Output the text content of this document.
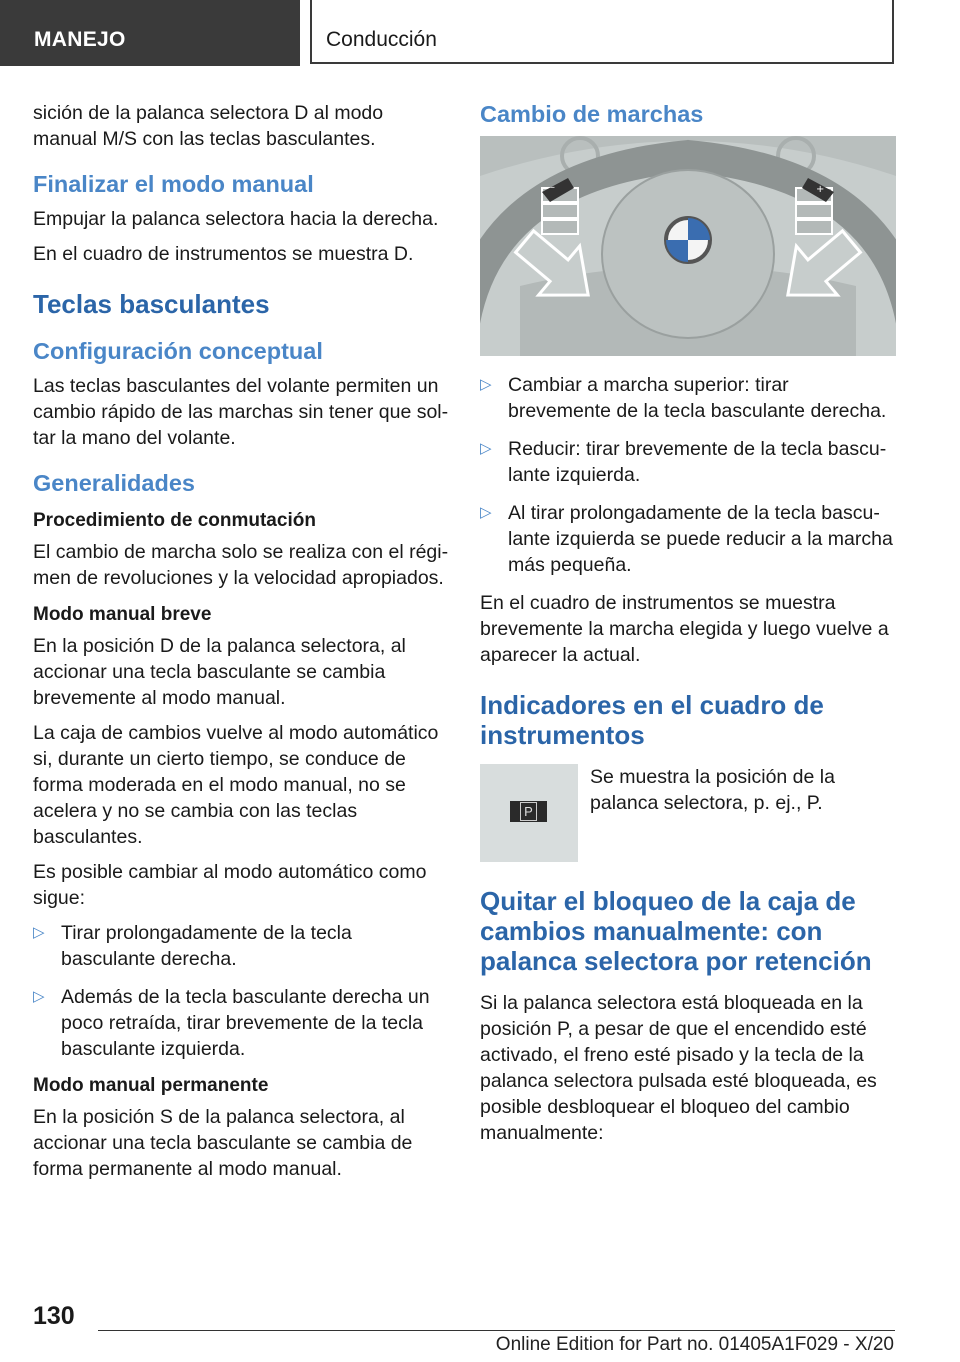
MANEJO	Conducción

sición de la palanca selectora D al modo manual M/S con las teclas basculantes.

Finalizar el modo manual

Empujar la palanca selectora hacia la derecha.

En el cuadro de instrumentos se muestra D.

Teclas basculantes
Configuración conceptual

Las teclas basculantes del volante permiten un cambio rápido de las marchas sin tener que soltar la mano del volante.

Generalidades
Procedimiento de conmutación

El cambio de marcha solo se realiza con el régimen de revoluciones y la velocidad apropiados.

Modo manual breve

En la posición D de la palanca selectora, al accionar una tecla basculante se cambia brevemente al modo manual.

La caja de cambios vuelve al modo automático si, durante un cierto tiempo, se conduce de forma moderada en el modo manual, no se acelera y no se cambia con las teclas basculantes.

Es posible cambiar al modo automático como sigue:

▷ Tirar prolongadamente de la tecla basculante derecha.
▷ Además de la tecla basculante derecha un poco retraída, tirar brevemente de la tecla basculante izquierda.
Modo manual permanente

En la posición S de la palanca selectora, al accionar una tecla basculante se cambia de forma permanente al modo manual.

Cambio de marchas
–	+
▷ Cambiar a marcha superior: tirar brevemente de la tecla basculante derecha.
▷ Reducir: tirar brevemente de la tecla basculante izquierda.
▷ Al tirar prolongadamente de la tecla basculante izquierda se puede reducir a la marcha más pequeña.

En el cuadro de instrumentos se muestra brevemente la marcha elegida y luego vuelve a aparecer la actual.

Indicadores en el cuadro de instrumentos
P

Se muestra la posición de la palanca selectora, p. ej., P.

Quitar el bloqueo de la caja de cambios manualmente: con palanca selectora por retención

Si la palanca selectora está bloqueada en la posición P, a pesar de que el encendido esté activado, el freno esté pisado y la tecla de la palanca selectora pulsada esté bloqueada, es posible desbloquear el bloqueo del cambio manualmente:

130
Online Edition for Part no. 01405A1F029 - X/20
